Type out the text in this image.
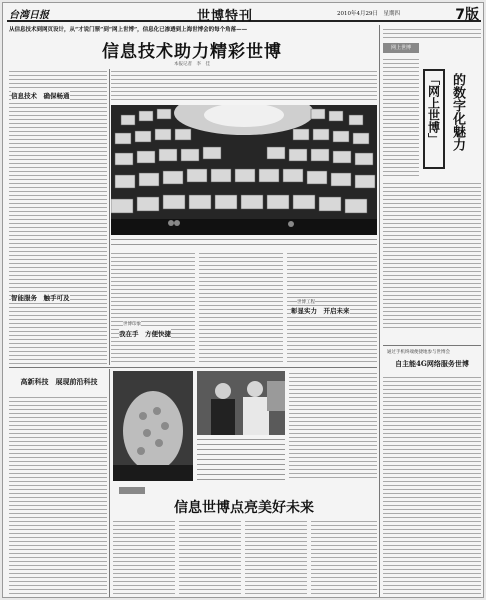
台湾日报	世博特刊	2010年4月29日　星期四	7版
从信息技术到网页设计，从“才说门票”到“网上世博”，信息化已渗透到上海世博会的每个角落——
信息技术助力精彩世博
本报记者　李　佳
信息技术　确保畅通
智能服务　触手可及
世博印象
我在手　方便快捷
世博工程
彰显实力　开启未来
高新科技　展现前沿科技
信息世博点亮美好未来
网上世博
「网上世博」 的数字化魅力
通过手机终端便捷地参与世博会
自主能4G网络服务世博
